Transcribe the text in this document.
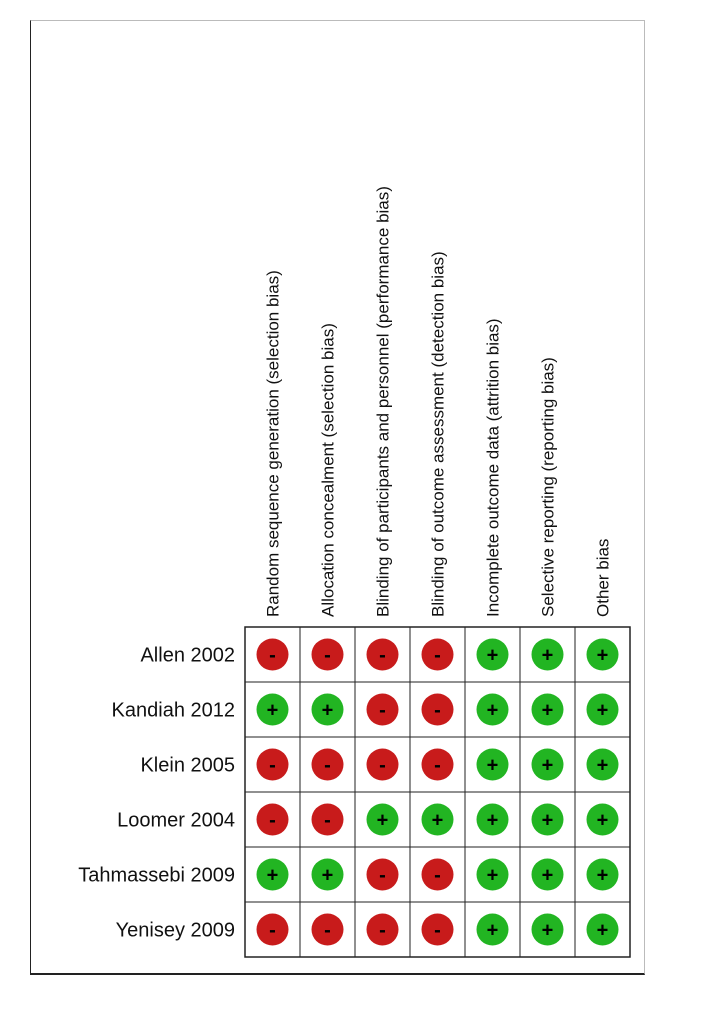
Random sequence generation (selection bias) Allocation concealment (selection bias) Blinding of participants and personnel (performance bias) Blinding of outcome assessment (detection bias) Incomplete outcome data (attrition bias) Selective reporting (reporting bias) Other bias
Allen 2002
Kandiah 2012
Klein 2005
Loomer 2004
Tahmassebi 2009
Yenisey 2009
- - - - + + +
+ + - - + + +
- - - - + + +
- - + + + + +
+ + - - + + +
- - - - + + +
